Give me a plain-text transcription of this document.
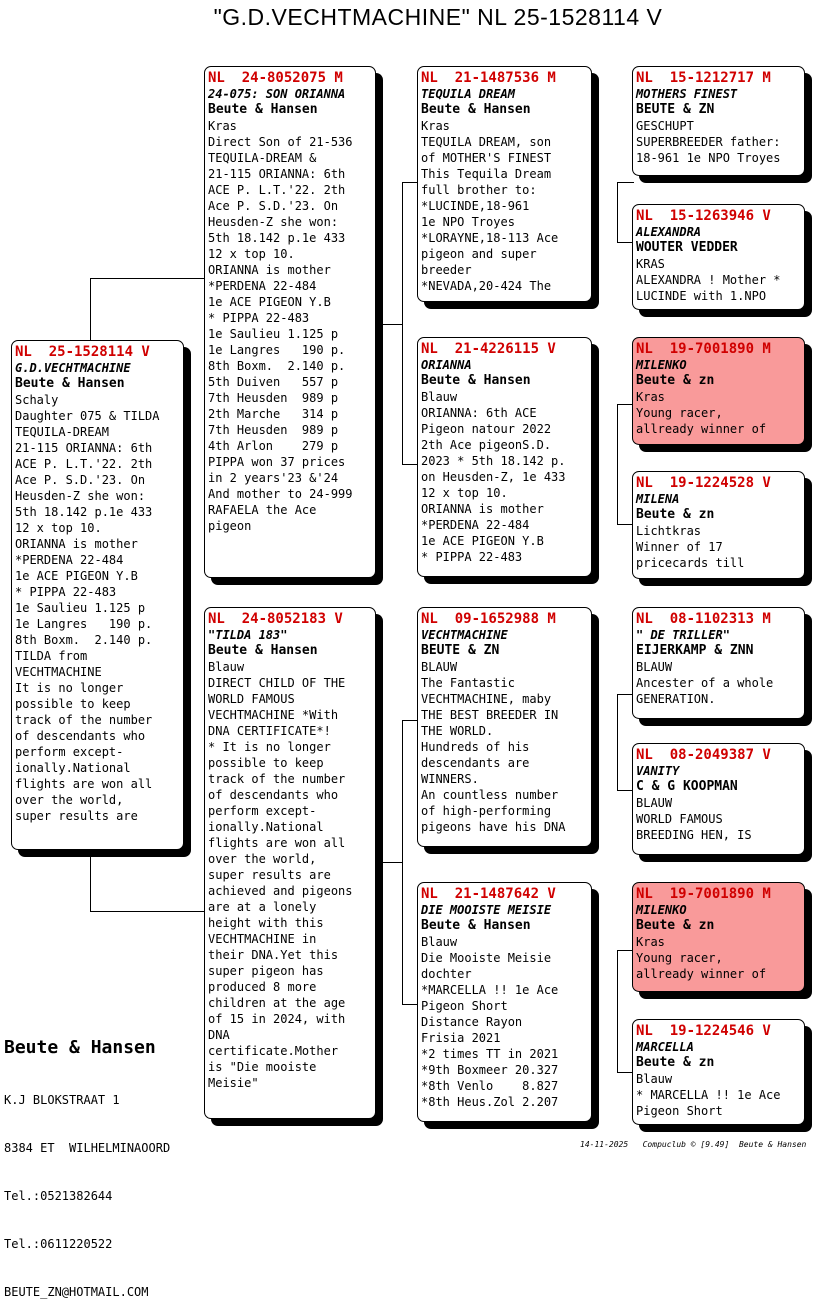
"G.D.VECHTMACHINE" NL 25-1528114 V
NL  25-1528114 V
G.D.VECHTMACHINE
Beute & Hansen
Schaly
Daughter 075 & TILDA
TEQUILA-DREAM
21-115 ORIANNA: 6th
ACE P. L.T.'22. 2th
Ace P. S.D.'23. On
Heusden-Z she won:
5th 18.142 p.1e 433
12 x top 10.
ORIANNA is mother
*PERDENA 22-484
1e ACE PIGEON Y.B
* PIPPA 22-483
1e Saulieu 1.125 p
1e Langres   190 p.
8th Boxm.  2.140 p.
TILDA from
VECHTMACHINE
It is no longer
possible to keep
track of the number
of descendants who
perform except-
ionally.National
flights are won all
over the world,
super results are
NL  24-8052075 M
24-075: SON ORIANNA
Beute & Hansen
Kras
Direct Son of 21-536
TEQUILA-DREAM &
21-115 ORIANNA: 6th
ACE P. L.T.'22. 2th
Ace P. S.D.'23. On
Heusden-Z she won:
5th 18.142 p.1e 433
12 x top 10.
ORIANNA is mother
*PERDENA 22-484
1e ACE PIGEON Y.B
* PIPPA 22-483
1e Saulieu 1.125 p
1e Langres   190 p.
8th Boxm.  2.140 p.
5th Duiven   557 p
7th Heusden  989 p
2th Marche   314 p
7th Heusden  989 p
4th Arlon    279 p
PIPPA won 37 prices
in 2 years'23 &'24
And mother to 24-999
RAFAELA the Ace
pigeon
NL  24-8052183 V
"TILDA 183"
Beute & Hansen
Blauw
DIRECT CHILD OF THE
WORLD FAMOUS
VECHTMACHINE *With
DNA CERTIFICATE*!
* It is no longer
possible to keep
track of the number
of descendants who
perform except-
ionally.National
flights are won all
over the world,
super results are
achieved and pigeons
are at a lonely
height with this
VECHTMACHINE in
their DNA.Yet this
super pigeon has
produced 8 more
children at the age
of 15 in 2024, with
DNA
certificate.Mother
is "Die mooiste
Meisie"
NL  21-1487536 M
TEQUILA DREAM
Beute & Hansen
Kras
TEQUILA DREAM, son
of MOTHER'S FINEST
This Tequila Dream
full brother to:
*LUCINDE,18-961
1e NPO Troyes
*LORAYNE,18-113 Ace
pigeon and super
breeder
*NEVADA,20-424 The
NL  21-4226115 V
ORIANNA
Beute & Hansen
Blauw
ORIANNA: 6th ACE
Pigeon natour 2022
2th Ace pigeonS.D.
2023 * 5th 18.142 p.
on Heusden-Z, 1e 433
12 x top 10.
ORIANNA is mother
*PERDENA 22-484
1e ACE PIGEON Y.B
* PIPPA 22-483
NL  09-1652988 M
VECHTMACHINE
BEUTE & ZN
BLAUW
The Fantastic
VECHTMACHINE, maby
THE BEST BREEDER IN
THE WORLD.
Hundreds of his
descendants are
WINNERS.
An countless number
of high-performing
pigeons have his DNA
NL  21-1487642 V
DIE MOOISTE MEISIE
Beute & Hansen
Blauw
Die Mooiste Meisie
dochter
*MARCELLA !! 1e Ace
Pigeon Short
Distance Rayon
Frisia 2021
*2 times TT in 2021
*9th Boxmeer 20.327
*8th Venlo    8.827
*8th Heus.Zol 2.207
NL  15-1212717 M
MOTHERS FINEST
BEUTE & ZN
GESCHUPT
SUPERBREEDER father:
18-961 1e NPO Troyes
NL  15-1263946 V
ALEXANDRA
WOUTER VEDDER
KRAS
ALEXANDRA ! Mother *
LUCINDE with 1.NPO
NL  19-7001890 M
MILENKO
Beute & zn
Kras
Young racer,
allready winner of
NL  19-1224528 V
MILENA
Beute & zn
Lichtkras
Winner of 17
pricecards till
NL  08-1102313 M
" DE TRILLER"
EIJERKAMP & ZNN
BLAUW
Ancester of a whole
GENERATION.
NL  08-2049387 V
VANITY
C & G KOOPMAN
BLAUW
WORLD FAMOUS
BREEDING HEN, IS
NL  19-7001890 M
MILENKO
Beute & zn
Kras
Young racer,
allready winner of
NL  19-1224546 V
MARCELLA
Beute & zn
Blauw
* MARCELLA !! 1e Ace
Pigeon Short
Beute & Hansen

K.J BLOKSTRAAT 1

8384 ET  WILHELMINAOORD

Tel.:0521382644

Tel.:0611220522

BEUTE_ZN@HOTMAIL.COM

14-11-2025   Compuclub © [9.49]  Beute & Hansen
